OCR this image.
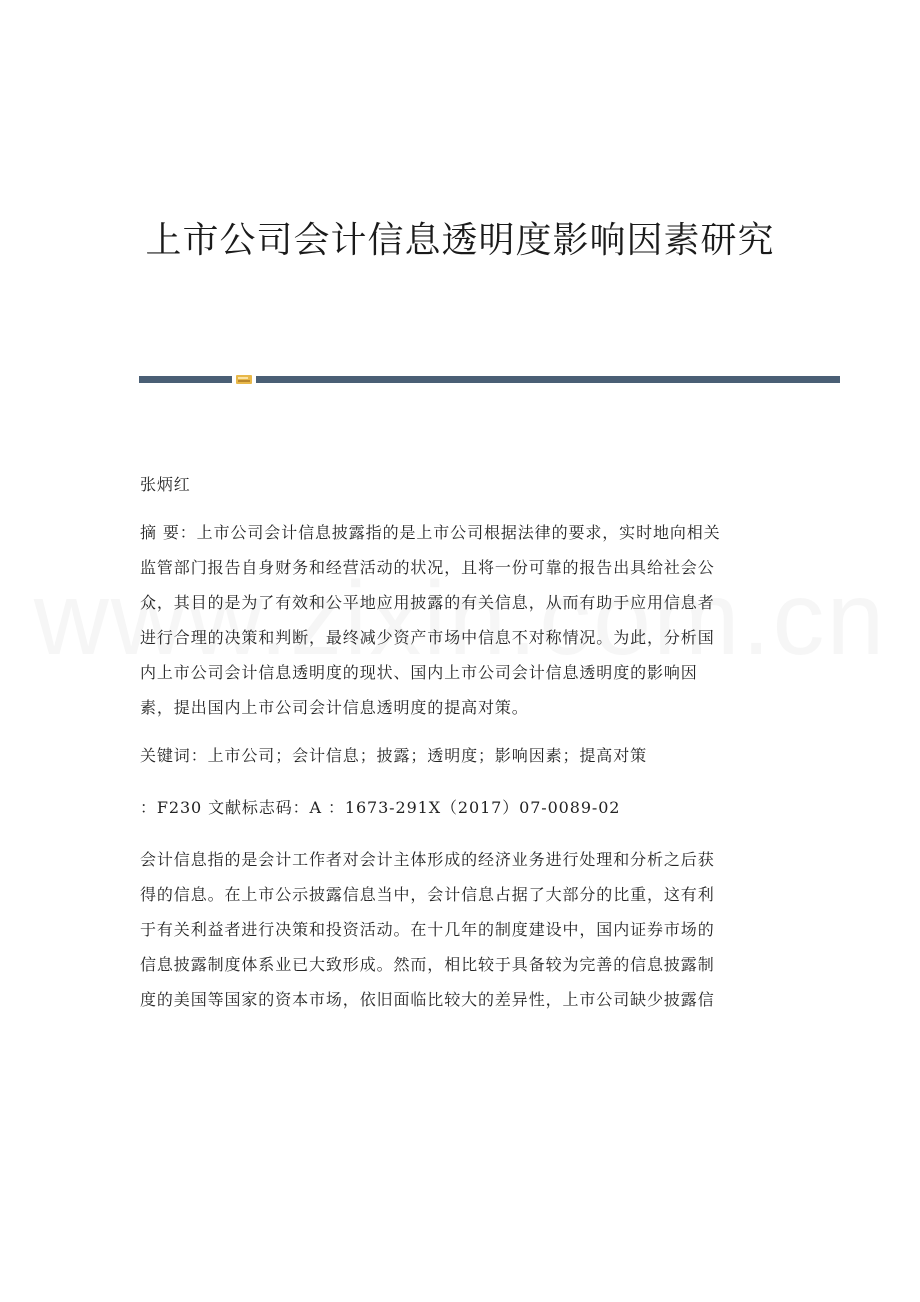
上市公司会计信息透明度影响因素研究
张炳红
摘 要：上市公司会计信息披露指的是上市公司根据法律的要求，实时地向相关
监管部门报告自身财务和经营活动的状况，且将一份可靠的报告出具给社会公
众，其目的是为了有效和公平地应用披露的有关信息，从而有助于应用信息者
进行合理的决策和判断，最终减少资产市场中信息不对称情况。为此，分析国
内上市公司会计信息透明度的现状、国内上市公司会计信息透明度的影响因
素，提出国内上市公司会计信息透明度的提高对策。
关键词：上市公司；会计信息；披露；透明度；影响因素；提高对策
：F230 文献标志码：A ：1673-291X（2017）07-0089-02
会计信息指的是会计工作者对会计主体形成的经济业务进行处理和分析之后获
得的信息。在上市公示披露信息当中，会计信息占据了大部分的比重，这有利
于有关利益者进行决策和投资活动。在十几年的制度建设中，国内证券市场的
信息披露制度体系业已大致形成。然而，相比较于具备较为完善的信息披露制
度的美国等国家的资本市场，依旧面临比较大的差异性，上市公司缺少披露信
